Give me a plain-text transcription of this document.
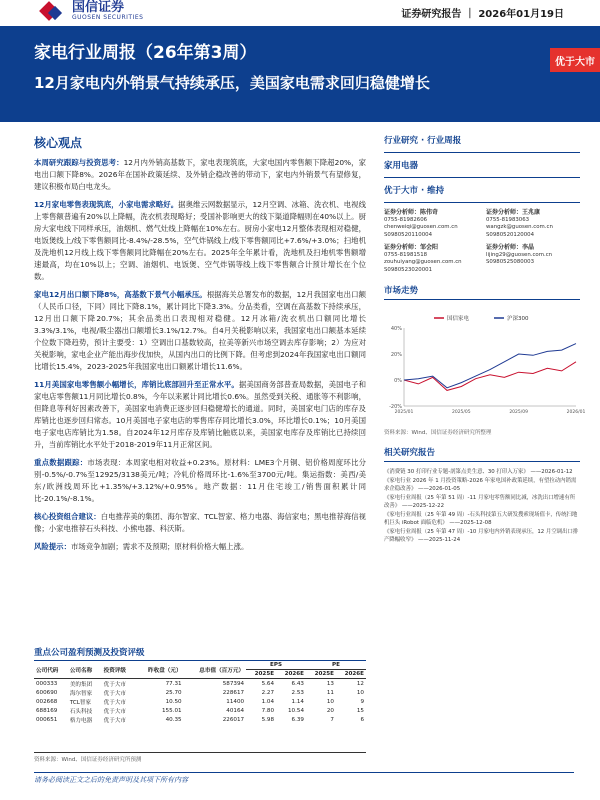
国信证券
GUOSEN SECURITIES	证券研究报告 ｜ 2026年01月19日
家电行业周报（26年第3周）
12月家电内外销景气持续承压，美国家电需求回归稳健增长
优于大市
核心观点
本周研究跟踪与投资思考：12月内外销高基数下，家电表现筑底，大家电国内零售额下降超20%，家电出口额下降8%。2026年在国补政策延续、及外销企稳改善的带动下，家电内外销景气有望修复，建议积极布局白电龙头。
12月家电零售表现筑底，小家电需求略好。据奥维云网数据显示，12月空调、冰箱、洗衣机、电视线上零售额普遍有20%以上降幅，洗衣机表现略好；受国补影响更大的线下渠道降幅则在40%以上。厨房大家电线下同样承压，油烟机、燃气灶线上降幅在10%左右。厨房小家电12月整体表现相对稳健，电饭煲线上/线下零售额同比-8.4%/-28.5%，空气炸锅线上/线下零售额同比+7.6%/+3.0%；扫地机及洗地机12月线上线下零售额同比降幅在20%左右。2025年全年累计看，洗地机及扫地机零售额增速最高，均在10%以上；空调、油烟机、电饭煲、空气炸锅等线上线下零售额合计预计增长在个位数。
家电12月出口额下降8%，高基数下景气小幅承压。根据海关总署发布的数据，12月我国家电出口额（人民币口径，下同）同比下降8.1%，累计同比下降3.3%。分品类看，空调在高基数下持续承压，12月出口额下降20.7%；其余品类出口表现相对稳健。12月冰箱/洗衣机出口额同比增长3.3%/3.1%，电视/吸尘器出口额增长3.1%/12.7%。自4月关税影响以来，我国家电出口额基本延续个位数下降趋势，预计主要受：1）空调出口基数较高，拉美等新兴市场空调去库存影响；2）为应对关税影响，家电企业产能出海步伐加快，从国内出口的比例下降。但考虑到2024年我国家电出口额同比增长15.4%，2023-2025年我国家电出口额累计增长11.6%。
11月美国家电零售额小幅增长，库销比底部回升至正常水平。据美国商务部普查局数据，美国电子和家电店零售额11月同比增长0.8%，今年以来累计同比增长0.6%。虽然受到关税、通胀等不利影响，但降息等利好因素改善下，美国家电消费正逐步回归稳健增长的通道。同时，美国家电门店的库存及库销比也逐步回归常态。10月美国电子家电店的零售库存同比增长3.0%，环比增长0.1%；10月美国电子家电店库销比为1.58。自2024年12月库存及库销比触底以来，美国家电库存及库销比已持续回升，当前库销比水平处于2018-2019年11月正常区间。
重点数据跟踪：市场表现：本周家电相对收益+0.23%。原材料：LME3个月铜、铝价格周度环比分别-0.5%/-0.7%至12925/3138美元/吨；冷轧价格周环比-1.6%至3700元/吨。集运指数：美西/美东/欧洲线周环比+1.35%/+3.12%/+0.95%。地产数据：11月住宅竣工/销售面积累计同比-20.1%/-8.1%。
核心投资组合建议：白电推荐美的集团、海尔智家、TCL智家、格力电器、海信家电；黑电推荐海信视像；小家电推荐石头科技、小熊电器、科沃斯。
风险提示：市场竞争加剧；需求不及预期；原材料价格大幅上涨。
行业研究 · 行业周报
家用电器
优于大市 · 维持
证券分析师：陈伟奇
0755-81982606
chenweiqi@guosen.com.cn
S0980520110004
证券分析师：王兆康
0755-81983063
wangzk@guosen.com.cn
S0980520120004
证券分析师：邹会阳
0755-81981518
zouhuiyang@guosen.com.cn
S0980523020001
证券分析师：李晶
lijing29@guosen.com.cn
S0980525080003
市场走势
-20%
0%
20%
40%
2025/01	2025/05	2025/09	2026/01
国信家电	沪深300
资料来源：Wind、国信证券经济研究所整理
相关研究报告
《消费链 30 打印行业专题-剖第点美生意、30 打印入万家》 ——2026-01-12
《家电行业 2026 年 1 月投资策略-2026 年家电国补政策延续，有望拉动内销需求企稳改善》 ——2026-01-05
《家电行业周报（25 年第 51 周）-11 月家电零售额同比减，冰洗出口增速有所改善》 ——2025-12-22
《家电行业周报（25 年第 49 周）-石头科技第五大研发搜索现场值卡，传统扫地机巨头 iRobot 面临危机》 ——2025-12-08
《家电行业周报（25 年第 47 周）-10 月家电内外销表现承压，12 月空调出口排产降幅收窄》 ——2025-11-24
重点公司盈利预测及投资评级
公司代码	公司名称	投资评级	昨收盘（元）	总市值（百万元）	EPS		PE	
					2025E	2026E	2025E	2026E
000333	美的集团	优于大市	77.31	587394	5.64	6.43	13	12
600690	海尔智家	优于大市	25.70	228617	2.27	2.53	11	10
002668	TCL智家	优于大市	10.50	11400	1.04	1.14	10	9
688169	石头科技	优于大市	155.01	40164	7.80	10.54	20	15
000651	格力电器	优于大市	40.35	226017	5.98	6.39	7	6
资料来源：Wind、国信证券经济研究所预测
请务必阅读正文之后的免责声明及其项下所有内容
